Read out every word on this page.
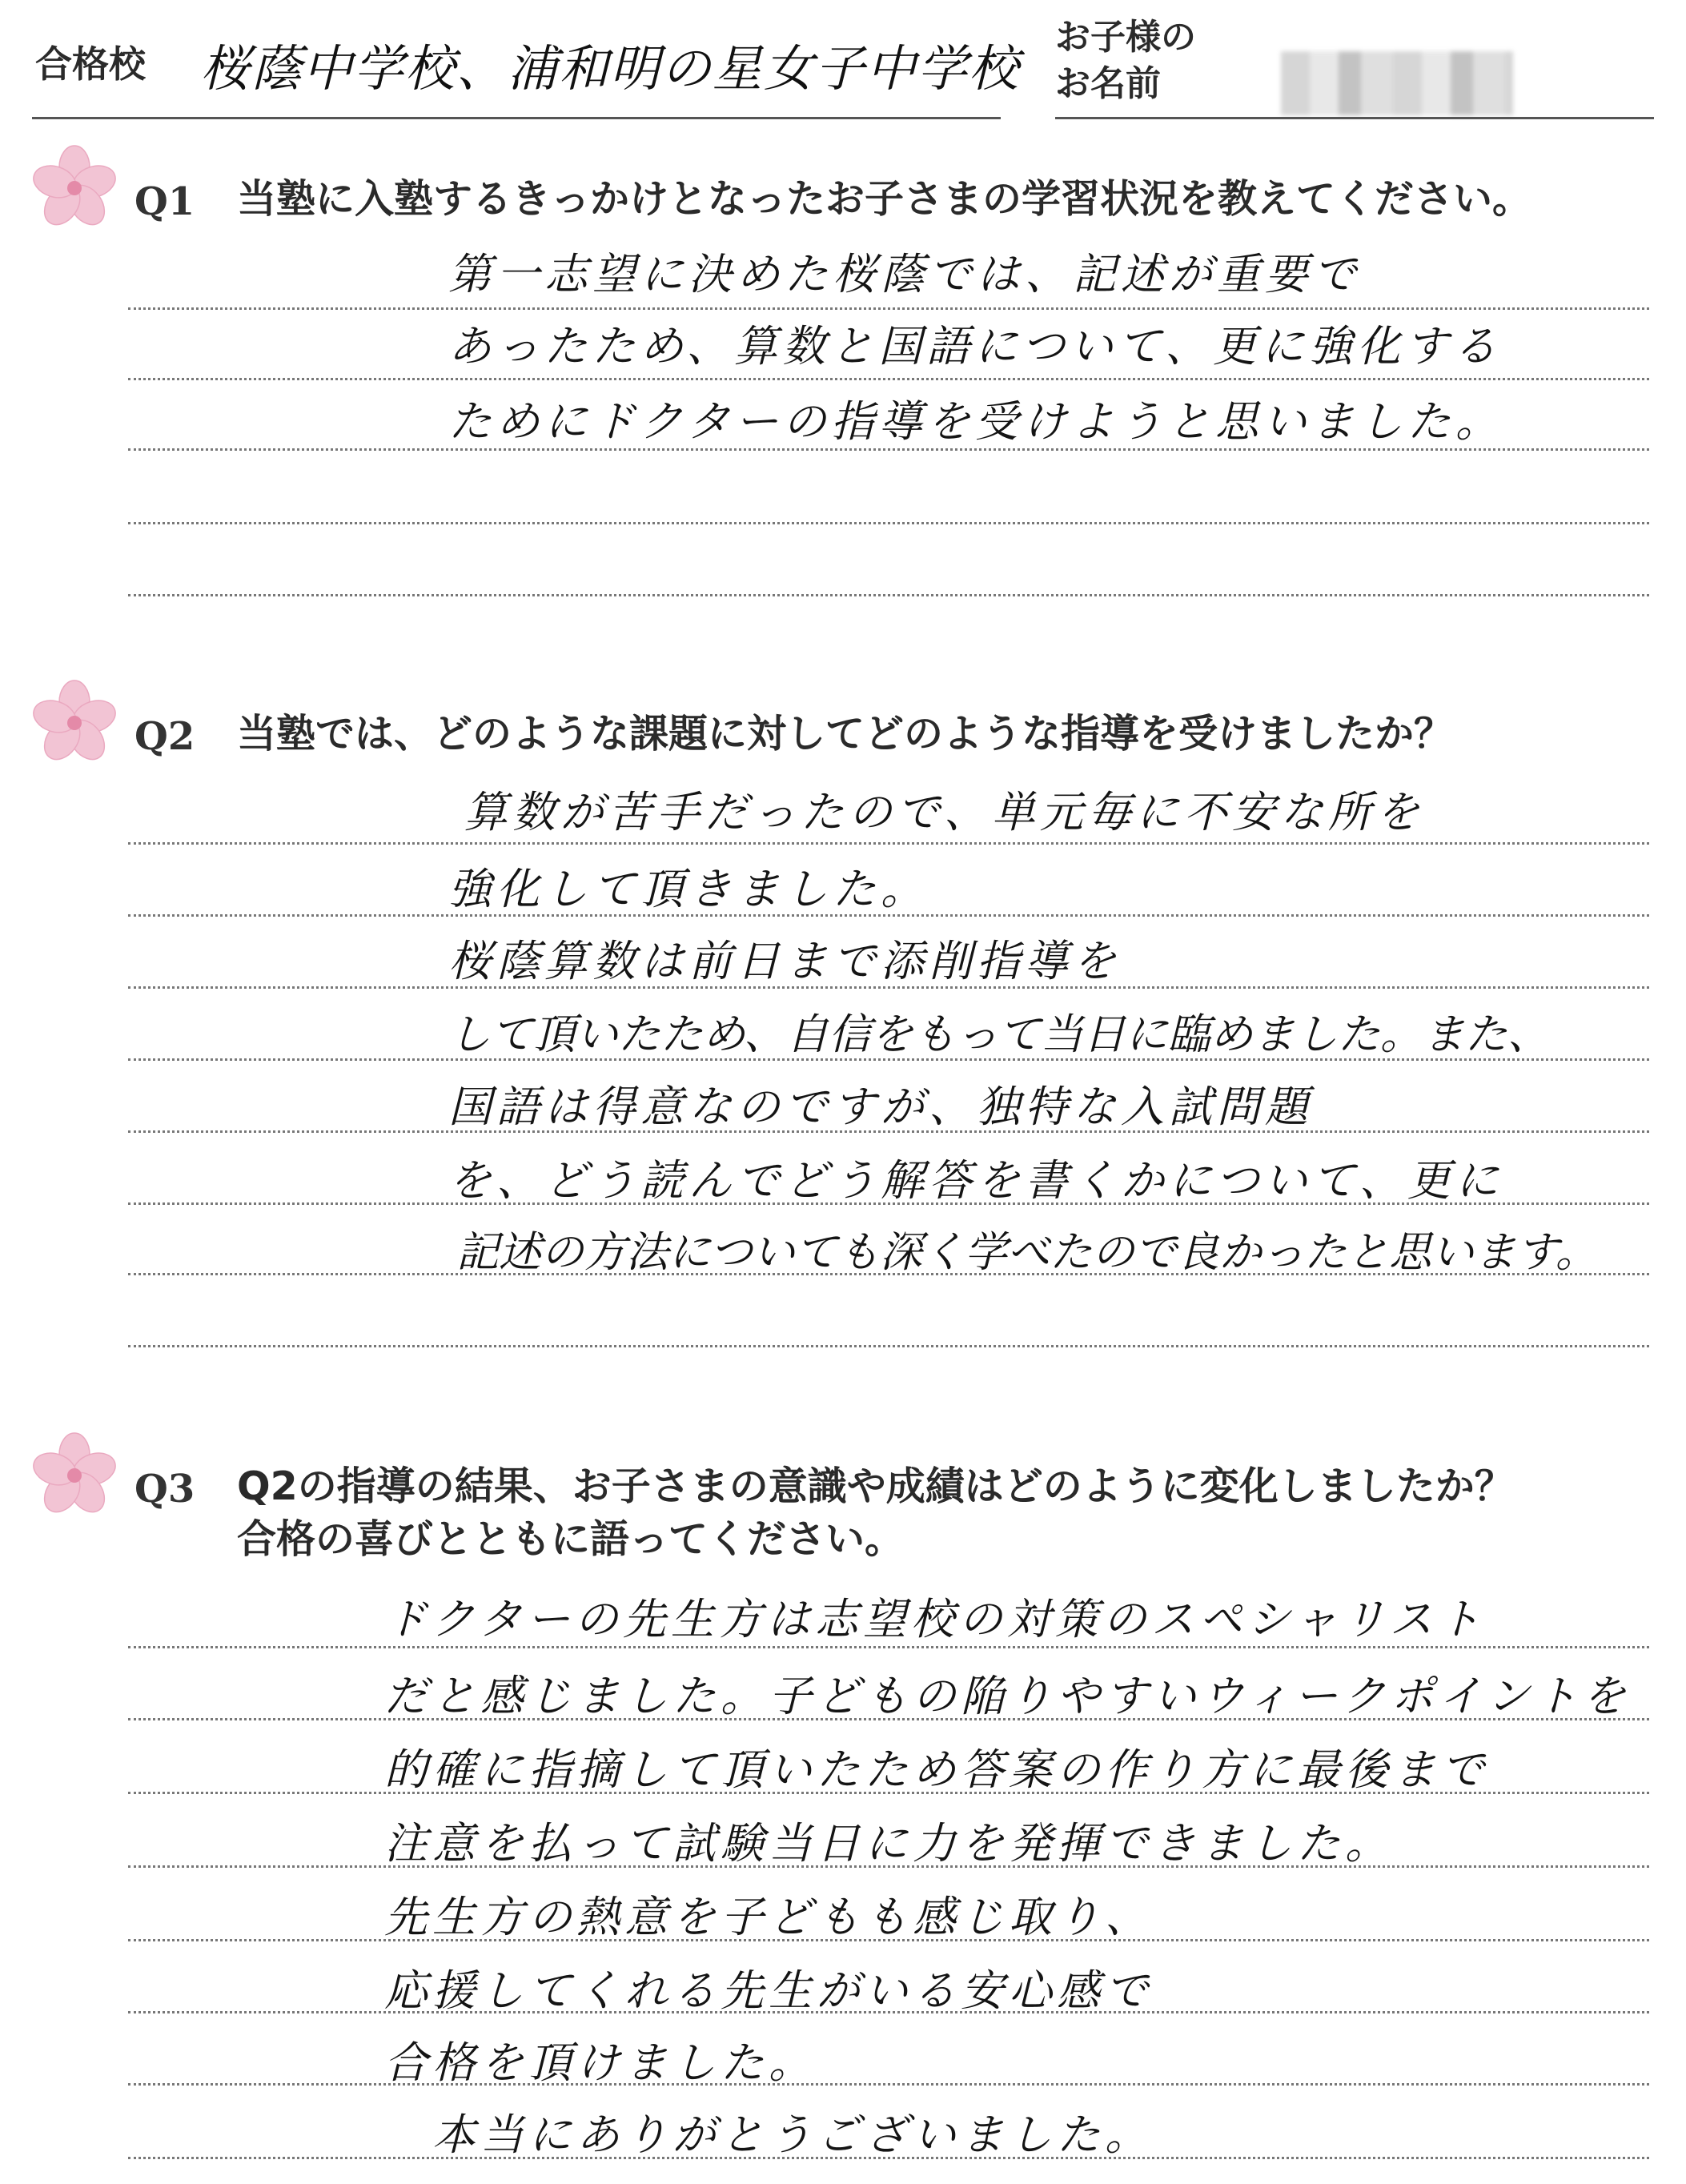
合格校 桜蔭中学校、浦和明の星女子中学校
お子様の
お名前
Q1 当塾に入塾するきっかけとなったお子さまの学習状況を教えてください。
第一志望に決めた桜蔭では、記述が重要で
あったため、算数と国語について、更に強化する
ためにドクターの指導を受けようと思いました。
Q2 当塾では、どのような課題に対してどのような指導を受けましたか？
算数が苦手だったので、単元毎に不安な所を
強化して頂きました。
桜蔭算数は前日まで添削指導を
して頂いたため、自信をもって当日に臨めました。また、
国語は得意なのですが、独特な入試問題
を、どう読んでどう解答を書くかについて、更に
記述の方法についても深く学べたので良かったと思います。
Q3 Q2の指導の結果、お子さまの意識や成績はどのように変化しましたか？
合格の喜びとともに語ってください。
ドクターの先生方は志望校の対策のスペシャリスト
だと感じました。子どもの陥りやすいウィークポイントを
的確に指摘して頂いたため答案の作り方に最後まで
注意を払って試験当日に力を発揮できました。
先生方の熱意を子どもも感じ取り、
応援してくれる先生がいる安心感で
合格を頂けました。
本当にありがとうございました。
